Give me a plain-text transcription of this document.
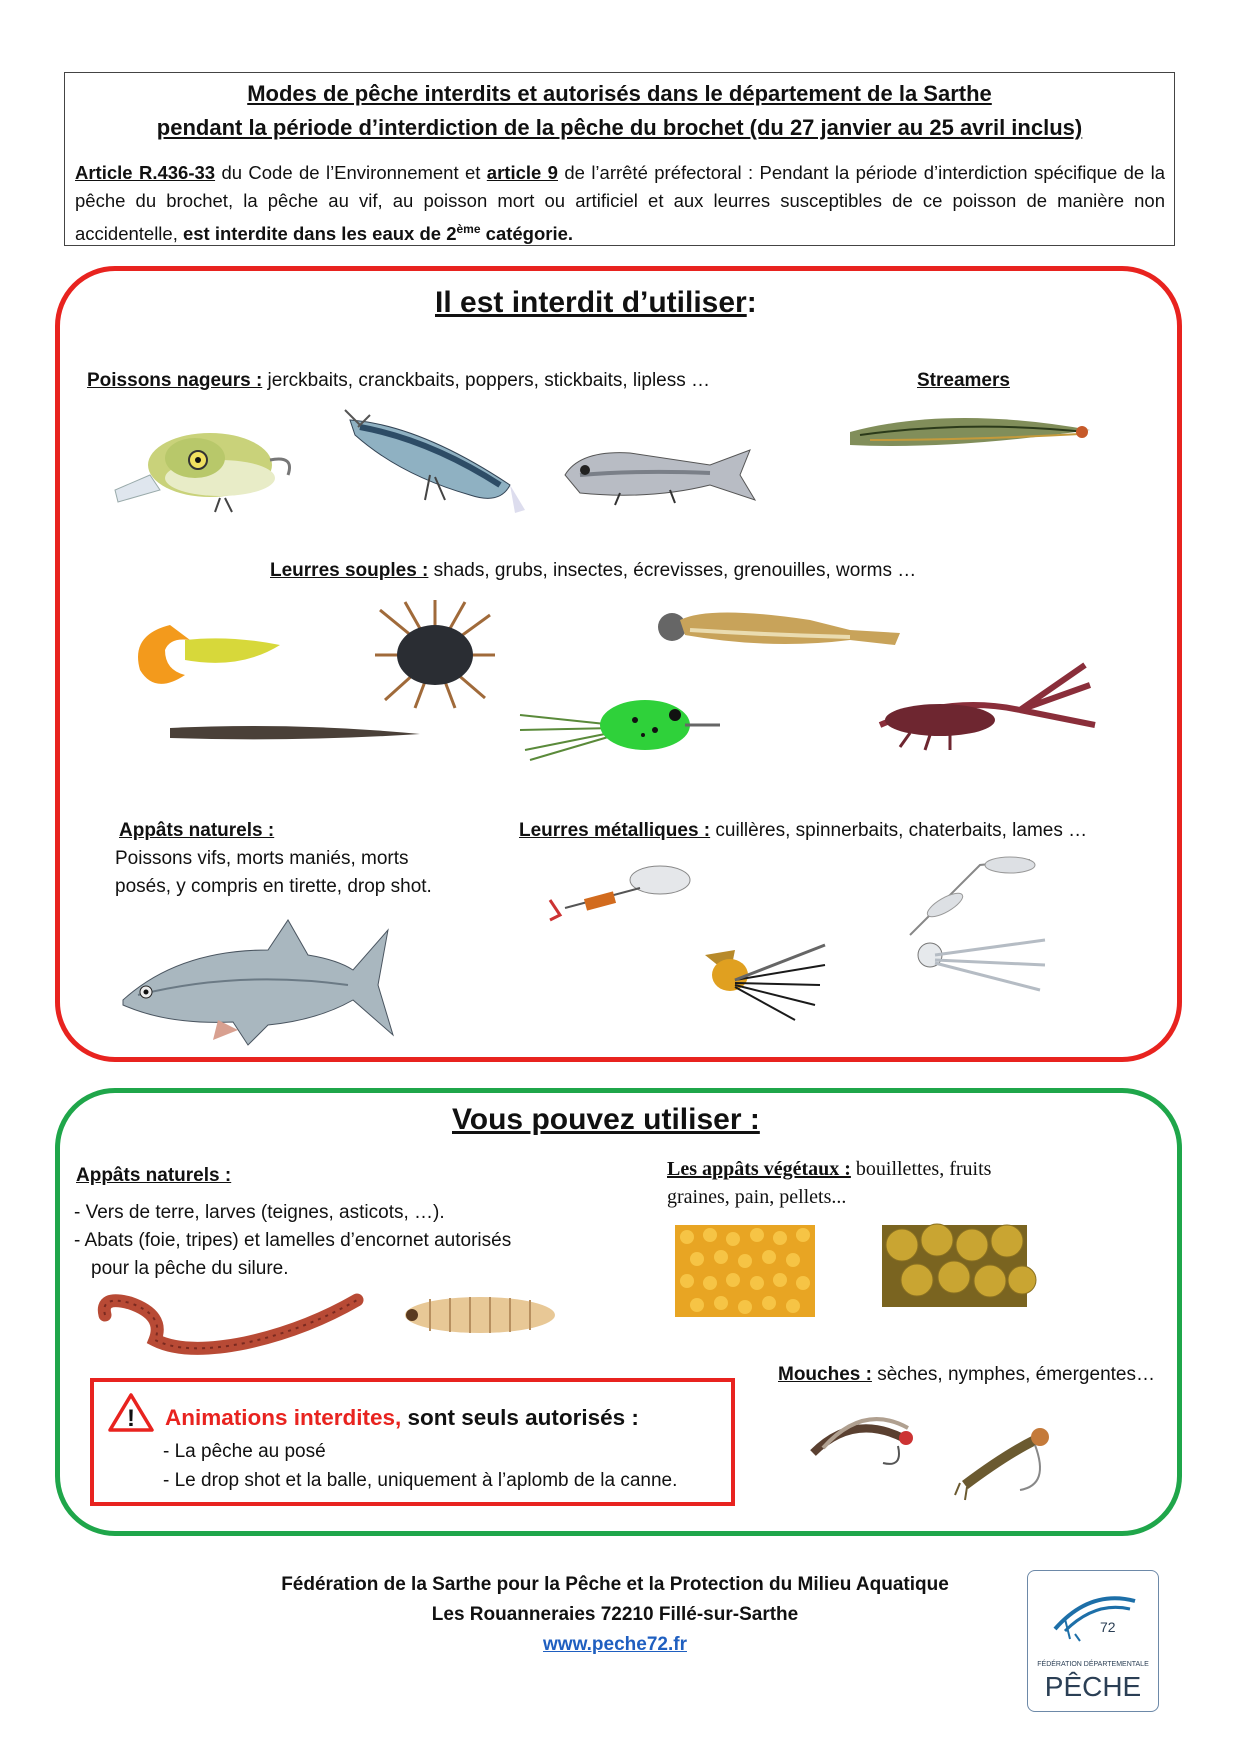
Modes de pêche interdits et autorisés dans le département de la Sarthe
pendant la période d’interdiction de la pêche du brochet (du 27 janvier au 25 avril inclus)
Article R.436-33 du Code de l’Environnement et article 9 de l’arrêté préfectoral : Pendant la période d’interdiction spécifique de la pêche du brochet, la pêche au vif, au poisson mort ou artificiel et aux leurres susceptibles de ce poisson de manière non accidentelle, est interdite dans les eaux de 2ème catégorie.
Il est interdit d’utiliser:
Poissons nageurs : jerckbaits, cranckbaits, poppers, stickbaits, lipless …	Streamers
Leurres souples : shads, grubs, insectes, écrevisses, grenouilles, worms …
Appâts naturels :
Poissons vifs, morts maniés, morts
posés, y compris en tirette, drop shot.
Leurres métalliques : cuillères, spinnerbaits, chaterbaits, lames …
Vous pouvez utiliser :
Appâts naturels :
- Vers de terre, larves (teignes, asticots, …).
- Abats (foie, tripes) et lamelles d’encornet autorisés
pour la pêche du silure.
Les appâts végétaux : bouillettes, fruits
graines, pain, pellets...
Mouches : sèches, nymphes, émergentes…
! Animations interdites, sont seuls autorisés :
- La pêche au posé
- Le drop shot et la balle, uniquement à l’aplomb de la canne.
Fédération de la Sarthe pour la Pêche et la Protection du Milieu Aquatique
Les Rouanneraies 72210 Fillé-sur-Sarthe
www.peche72.fr
72
FÉDÉRATION DÉPARTEMENTALE
PÊCHE
